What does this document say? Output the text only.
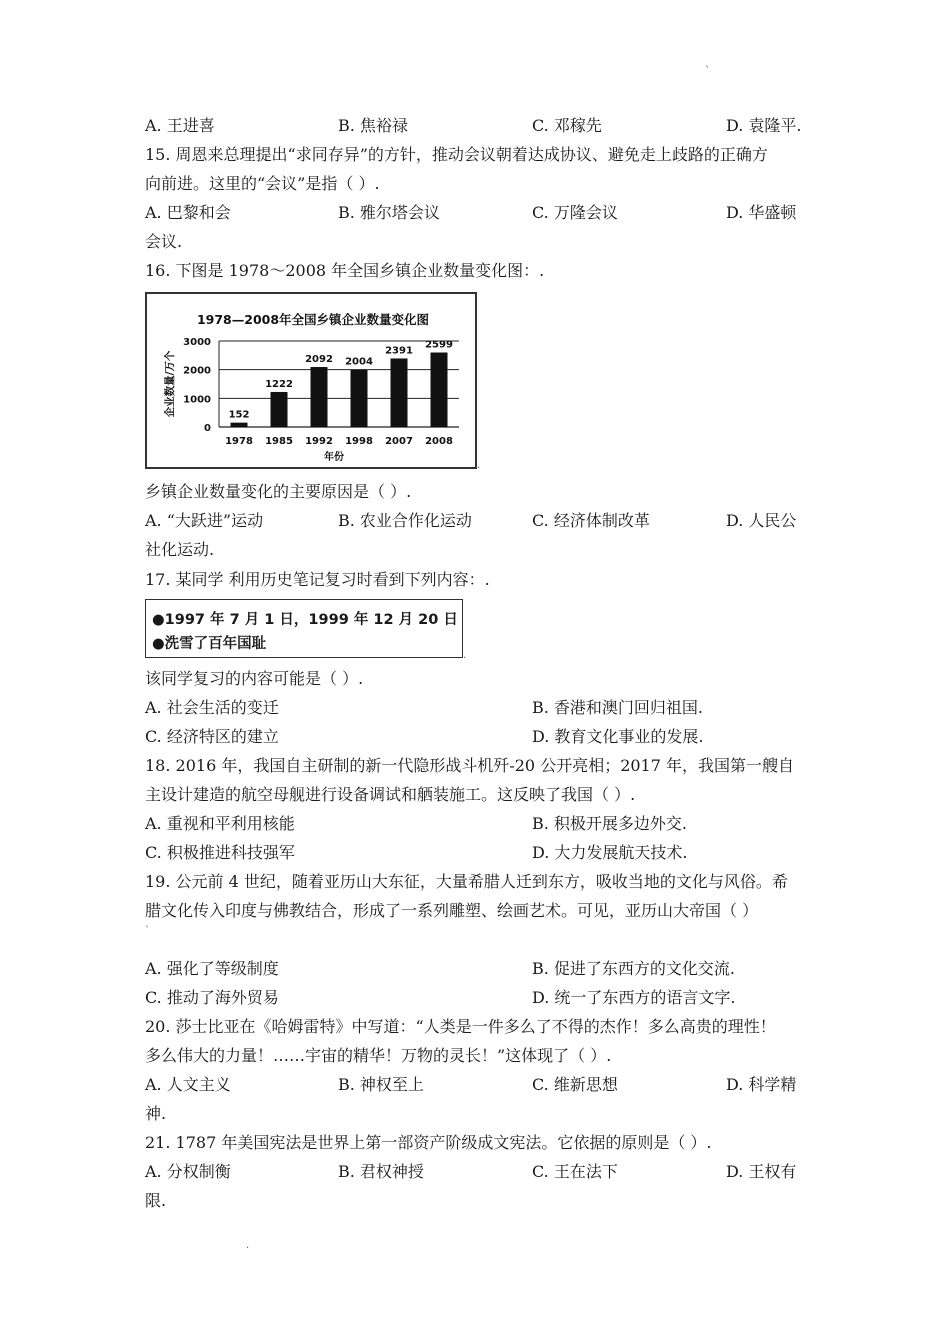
`
A. 王进喜	B. 焦裕禄	C. 邓稼先	D. 袁隆平.
15. 周恩来总理提出“求同存异”的方针，推动会议朝着达成协议、避免走上歧路的正确方
向前进。这里的“会议”是指（ ）.
A. 巴黎和会	B. 雅尔塔会议	C. 万隆会议	D. 华盛顿
会议.
16. 下图是 1978～2008 年全国乡镇企业数量变化图：.
1978—2008年全国乡镇企业数量变化图
0
1000
2000
3000
152
1978
1222
1985
2092
1992
2004
1998
2391
2007
2599
2008
年份
企业数量/万个
.
乡镇企业数量变化的主要原因是（ ）.
A. “大跃进”运动	B. 农业合作化运动	C. 经济体制改革	D. 人民公
社化运动.
17. 某同学 利用历史笔记复习时看到下列内容：.
●1997 年 7 月 1 日，1999 年 12 月 20 日
●洗雪了百年国耻
.
该同学复习的内容可能是（ ）.
A. 社会生活的变迁	B. 香港和澳门回归祖国.
C. 经济特区的建立	D. 教育文化事业的发展.
18. 2016 年，我国自主研制的新一代隐形战斗机歼-20 公开亮相；2017 年，我国第一艘自
主设计建造的航空母舰进行设备调试和舾装施工。这反映了我国（ ）.
A. 重视和平利用核能	B. 积极开展多边外交.
C. 积极推进科技强军	D. 大力发展航天技术.
19. 公元前 4 世纪，随着亚历山大东征，大量希腊人迁到东方，吸收当地的文化与风俗。希
腊文化传入印度与佛教结合，形成了一系列雕塑、绘画艺术。可见，亚历山大帝国（ ）
`
A. 强化了等级制度	B. 促进了东西方的文化交流.
C. 推动了海外贸易	D. 统一了东西方的语言文字.
20. 莎士比亚在《哈姆雷特》中写道：“人类是一件多么了不得的杰作！多么高贵的理性！
多么伟大的力量！……宇宙的精华！万物的灵长！”这体现了（ ）.
A. 人文主义	B. 神权至上	C. 维新思想	D. 科学精
神.
21. 1787 年美国宪法是世界上第一部资产阶级成文宪法。它依据的原则是（ ）.
A. 分权制衡	B. 君权神授	C. 王在法下	D. 王权有
限.
.
